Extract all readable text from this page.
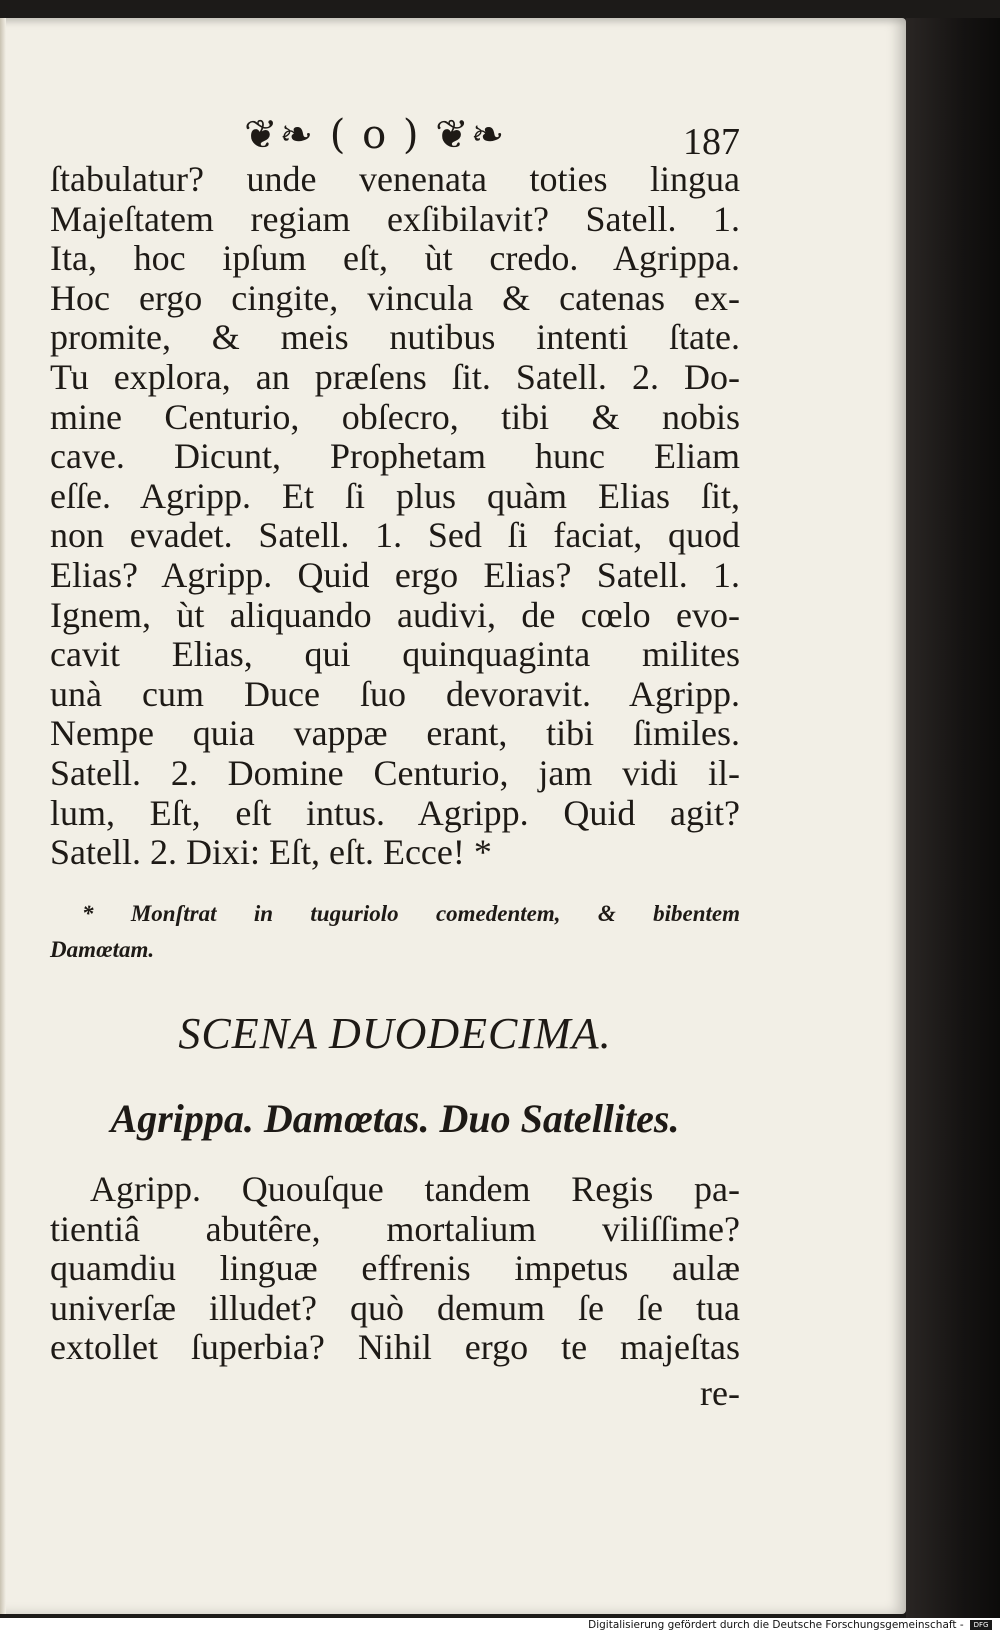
❦❧ ( o ) ❦❧	187
ſtabulatur? unde venenata toties lingua
Majeſtatem regiam exſibilavit? Satell. 1.
Ita, hoc ipſum eſt, ùt credo. Agrippa.
Hoc ergo cingite, vincula & catenas ex-
promite, & meis nutibus intenti ſtate.
Tu explora, an præſens ſit. Satell. 2. Do-
mine Centurio, obſecro, tibi & nobis
cave. Dicunt, Prophetam hunc Eliam
eſſe. Agripp. Et ſi plus quàm Elias ſit,
non evadet. Satell. 1. Sed ſi faciat, quod
Elias? Agripp. Quid ergo Elias? Satell. 1.
Ignem, ùt aliquando audivi, de cœlo evo-
cavit Elias, qui quinquaginta milites
unà cum Duce ſuo devoravit. Agripp.
Nempe quia vappæ erant, tibi ſimiles.
Satell. 2. Domine Centurio, jam vidi il-
lum, Eſt, eſt intus. Agripp. Quid agit?
Satell. 2. Dixi: Eſt, eſt. Ecce! *
* Monſtrat in tuguriolo comedentem, & bibentem
Damœtam.
SCENA DUODECIMA.
Agrippa. Damœtas. Duo Satellites.
Agripp. Quouſque tandem Regis pa-
tientiâ abutêre, mortalium viliſſime?
quamdiu linguæ effrenis impetus aulæ
univerſæ illudet? quò demum ſe ſe tua
extollet ſuperbia? Nihil ergo te majeſtas
re-
Digitalisierung gefördert durch die Deutsche Forschungsgemeinschaft - DFG
